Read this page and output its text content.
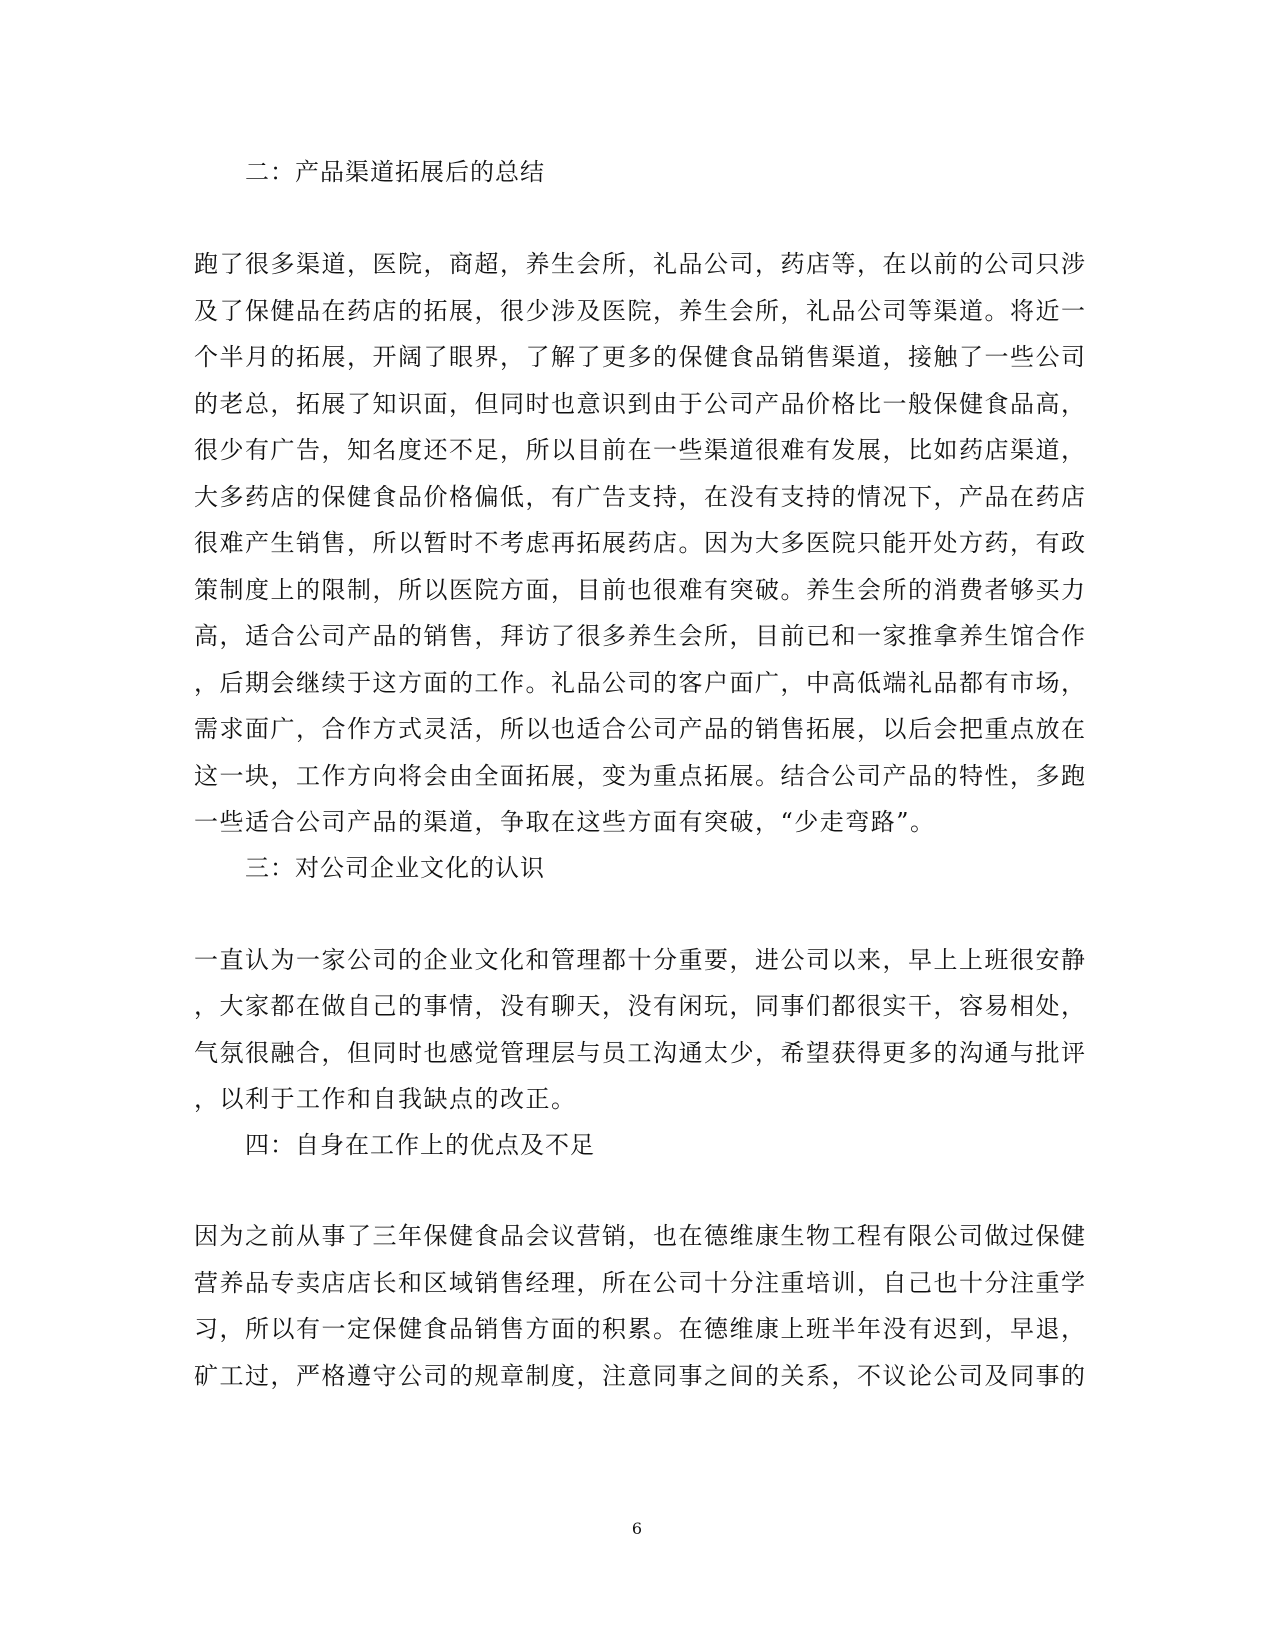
二：产品渠道拓展后的总结
跑了很多渠道，医院，商超，养生会所，礼品公司，药店等，在以前的公司只涉
及了保健品在药店的拓展，很少涉及医院，养生会所，礼品公司等渠道。将近一
个半月的拓展，开阔了眼界，了解了更多的保健食品销售渠道，接触了一些公司
的老总，拓展了知识面，但同时也意识到由于公司产品价格比一般保健食品高，
很少有广告，知名度还不足，所以目前在一些渠道很难有发展，比如药店渠道，
大多药店的保健食品价格偏低，有广告支持，在没有支持的情况下，产品在药店
很难产生销售，所以暂时不考虑再拓展药店。因为大多医院只能开处方药，有政
策制度上的限制，所以医院方面，目前也很难有突破。养生会所的消费者够买力
高，适合公司产品的销售，拜访了很多养生会所，目前已和一家推拿养生馆合作
，后期会继续于这方面的工作。礼品公司的客户面广，中高低端礼品都有市场，
需求面广，合作方式灵活，所以也适合公司产品的销售拓展，以后会把重点放在
这一块，工作方向将会由全面拓展，变为重点拓展。结合公司产品的特性，多跑
一些适合公司产品的渠道，争取在这些方面有突破，“少走弯路”。
三：对公司企业文化的认识
一直认为一家公司的企业文化和管理都十分重要，进公司以来，早上上班很安静
，大家都在做自己的事情，没有聊天，没有闲玩，同事们都很实干，容易相处，
气氛很融合，但同时也感觉管理层与员工沟通太少，希望获得更多的沟通与批评
，以利于工作和自我缺点的改正。
四：自身在工作上的优点及不足
因为之前从事了三年保健食品会议营销，也在德维康生物工程有限公司做过保健
营养品专卖店店长和区域销售经理，所在公司十分注重培训，自己也十分注重学
习，所以有一定保健食品销售方面的积累。在德维康上班半年没有迟到，早退，
矿工过，严格遵守公司的规章制度，注意同事之间的关系，不议论公司及同事的
6
